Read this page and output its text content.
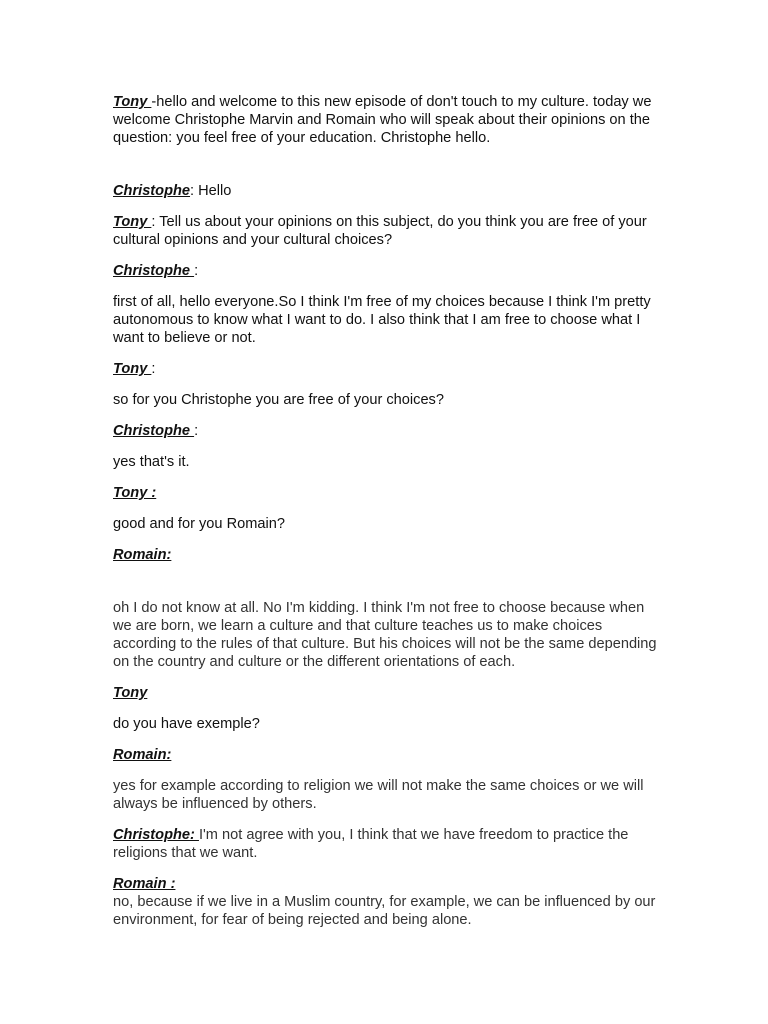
Tony -hello and welcome to this new episode of don't touch to my culture. today we welcome Christophe Marvin and Romain who will speak about their opinions on the question: you feel free of your education. Christophe hello.

Christophe: Hello

Tony : Tell us about your opinions on this subject, do you think you are free of your cultural opinions and your cultural choices?

Christophe :

first of all, hello everyone.So I think I'm free of my choices because I think I'm pretty autonomous to know what I want to do. I also think that I am free to choose what I want to believe or not.

Tony :

so for you Christophe you are free of your choices?

Christophe :

yes that's it.

Tony :

good and for you Romain?

Romain:

oh I do not know at all. No I'm kidding. I think I'm not free to choose because when we are born, we learn a culture and that culture teaches us to make choices according to the rules of that culture. But his choices will not be the same depending on the country and culture or the different orientations of each.

Tony

do you have exemple?

Romain:

yes for example according to religion we will not make the same choices or we will always be influenced by others.

Christophe: I'm not agree with you, I think that we have freedom to practice the religions that we want.

Romain :

no, because if we live in a Muslim country, for example, we can be influenced by our environment, for fear of being rejected and being alone.
